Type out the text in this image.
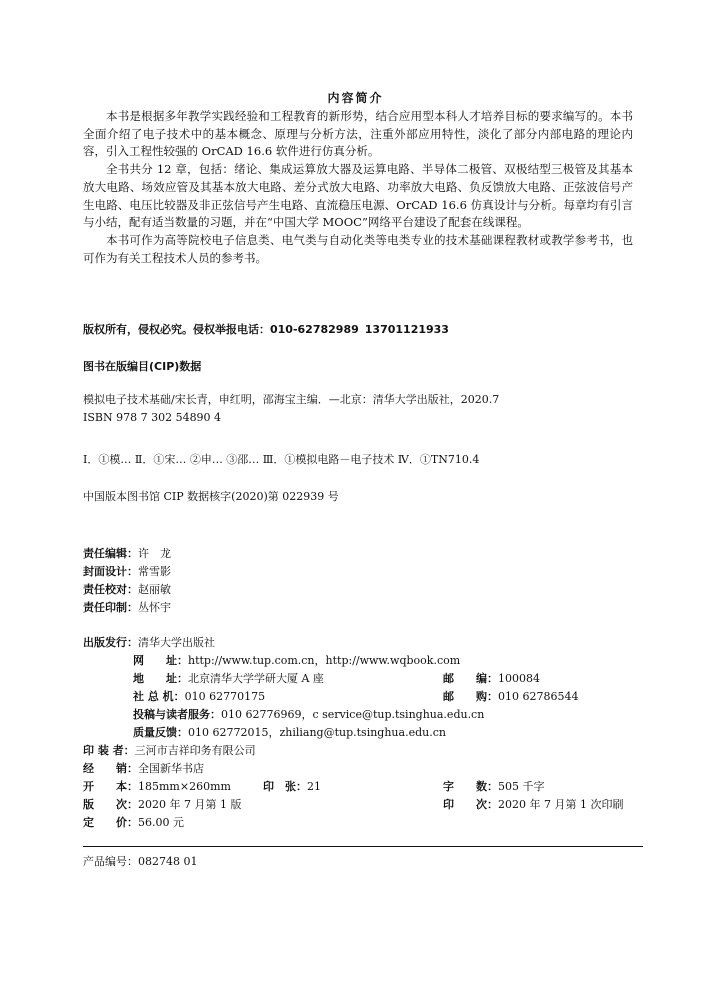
内容简介

本书是根据多年教学实践经验和工程教育的新形势，结合应用型本科人才培养目标的要求编写的。本书全面介绍了电子技术中的基本概念、原理与分析方法，注重外部应用特性，淡化了部分内部电路的理论内容，引入工程性较强的 OrCAD 16.6 软件进行仿真分析。

全书共分 12 章，包括：绪论、集成运算放大器及运算电路、半导体二极管、双极结型三极管及其基本放大电路、场效应管及其基本放大电路、差分式放大电路、功率放大电路、负反馈放大电路、正弦波信号产生电路、电压比较器及非正弦信号产生电路、直流稳压电源、OrCAD 16.6 仿真设计与分析。每章均有引言与小结，配有适当数量的习题，并在“中国大学 MOOC”网络平台建设了配套在线课程。

本书可作为高等院校电子信息类、电气类与自动化类等电类专业的技术基础课程教材或教学参考书，也可作为有关工程技术人员的参考书。

版权所有，侵权必究。侵权举报电话：010-62782989 13701121933
图书在版编目(CIP)数据
模拟电子技术基础/宋长青，申红明，邵海宝主编．—北京：清华大学出版社，2020.7
ISBN 978 7 302 54890 4
Ⅰ．①模… Ⅱ．①宋… ②申… ③邵… Ⅲ．①模拟电路－电子技术 Ⅳ．①TN710.4
中国版本图书馆 CIP 数据核字(2020)第 022939 号
责任编辑：许　龙
封面设计：常雪影
责任校对：赵丽敏
责任印制：丛怀宇
出版发行：清华大学出版社
网　　址：http://www.tup.com.cn，http://www.wqbook.com
地　　址：北京清华大学学研大厦 A 座	邮　　编：100084
社 总 机：010 62770175	邮　　购：010 62786544
投稿与读者服务：010 62776969，c service@tup.tsinghua.edu.cn
质量反馈：010 62772015，zhiliang@tup.tsinghua.edu.cn
印 装 者：三河市吉祥印务有限公司
经　　销：全国新华书店
开　　本：185mm×260mm	印　张：21	字　　数：505 千字
版　　次：2020 年 7 月第 1 版	印　　次：2020 年 7 月第 1 次印刷
定　　价：56.00 元
产品编号：082748 01
